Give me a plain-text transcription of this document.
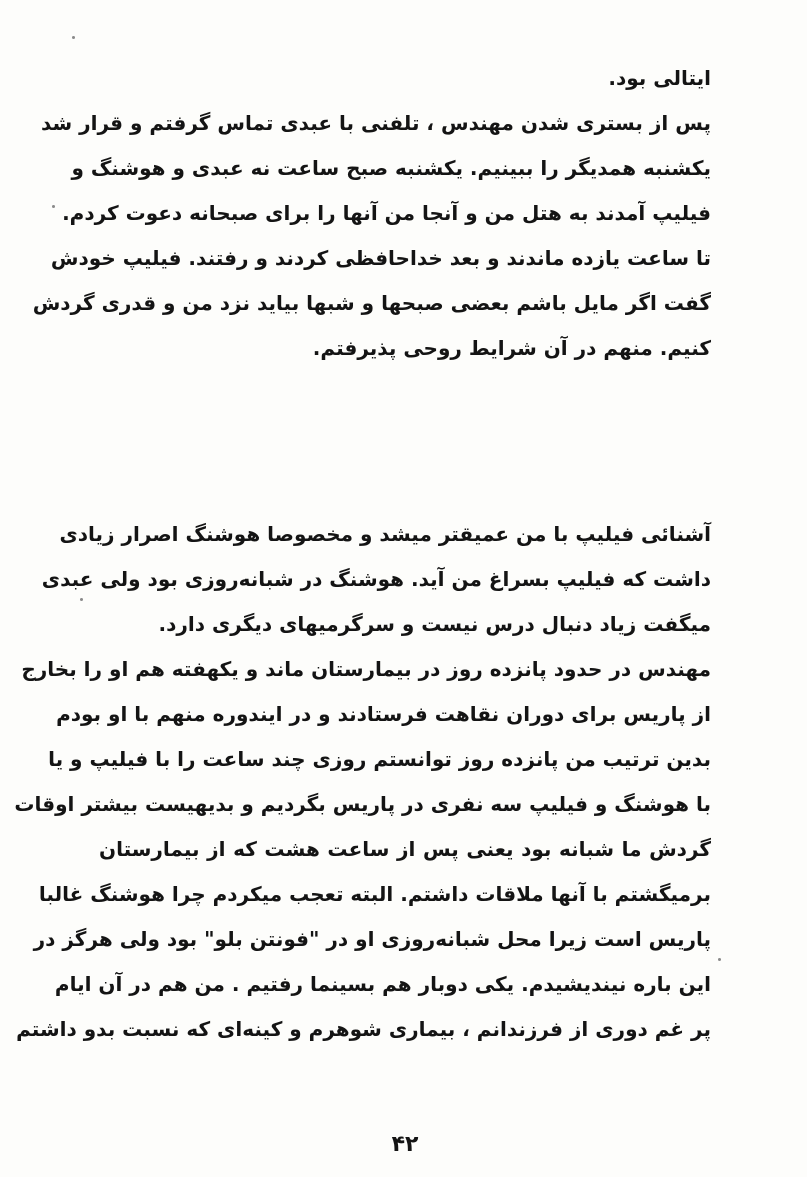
ایتالی بود.
پس از بستری شدن مهندس ، تلفنی با عبدی تماس گرفتم و قرار شد
یکشنبه همدیگر را ببینیم. یکشنبه صبح ساعت نه عبدی و هوشنگ و
فیلیپ آمدند به هتل من و آنجا من آنها را برای صبحانه دعوت کردم.
تا ساعت یازده ماندند و بعد خداحافظی کردند و رفتند. فیلیپ خودش
گفت اگر مایل باشم بعضی صبحها و شبها بیاید نزد من و قدری گردش
کنیم. منهم در آن شرایط روحی پذیرفتم.
آشنائی فیلیپ با من عمیقتر میشد و مخصوصا هوشنگ اصرار زیادی
داشت که فیلیپ بسراغ من آید. هوشنگ در شبانه‌روزی بود ولی عبدی
میگفت زیاد دنبال درس نیست و سرگرمیهای دیگری دارد.
مهندس در حدود پانزده روز در بیمارستان ماند و یکهفته هم او را بخارج
از پاریس برای دوران نقاهت فرستادند و در ایندوره منهم با او بودم
بدین ترتیب من پانزده روز توانستم روزی چند ساعت را با فیلیپ و یا
با هوشنگ و فیلیپ سه نفری در پاریس بگردیم و بدیهیست بیشتر اوقات
گردش ما شبانه بود یعنی پس از ساعت هشت که از بیمارستان
برمیگشتم با آنها ملاقات داشتم. البته تعجب میکردم چرا هوشنگ غالبا
پاریس است زیرا محل شبانه‌روزی او در "فونتن بلو" بود ولی هرگز در
این باره نیندیشیدم. یکی دوبار هم بسینما رفتیم . من هم در آن ایام
پر غم دوری از فرزندانم ، بیماری شوهرم و کینه‌ای که نسبت بدو داشتم
۴۲
